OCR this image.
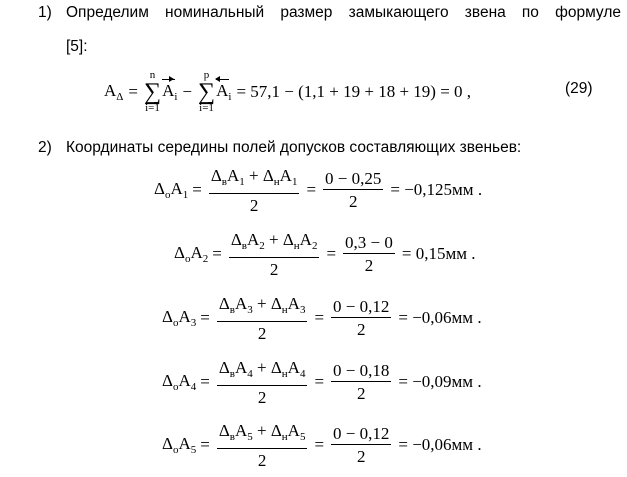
1) Определим номинальный размер замыкающего звена по формуле
[5]:
$A_\Delta$ =
n
∑
i=1
$A_i$ −
p
∑
i=1
$A_i = 57,1 - (1,1 + 19 + 18 + 19) = 0$ ,	(29)
2) Координаты середины полей допусков составляющих звеньев:
$\Delta_оA_1 = \frac{\Delta_вA_1 + \Delta_нA_1}{2} = \frac{0 - 0,25}{2} = -0,125мм$ .
$\Delta_оA_2 = \frac{\Delta_вA_2 + \Delta_нA_2}{2} = \frac{0,3 - 0}{2} = 0,15мм$ .
$\Delta_оA_3 = \frac{\Delta_вA_3 + \Delta_нA_3}{2} = \frac{0 - 0,12}{2} = -0,06мм$ .
$\Delta_оA_4 = \frac{\Delta_вA_4 + \Delta_нA_4}{2} = \frac{0 - 0,18}{2} = -0,09мм$ .
$\Delta_оA_5 = \frac{\Delta_вA_5 + \Delta_нA_5}{2} = \frac{0 - 0,12}{2} = -0,06мм$ .
